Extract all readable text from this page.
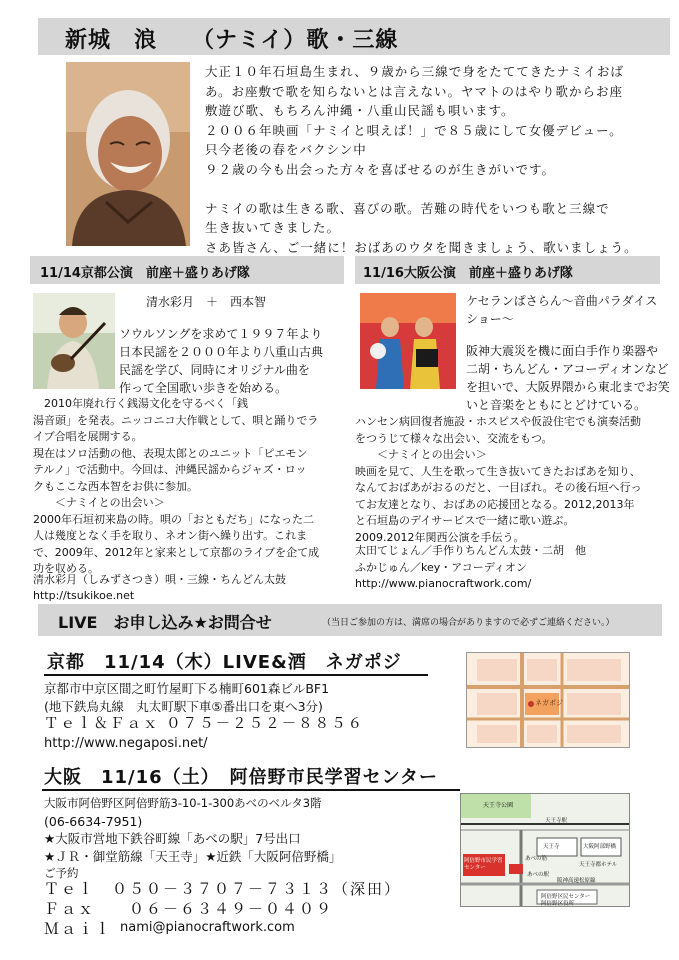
新城　浪　　（ナミイ）歌・三線
大正１０年石垣島生まれ、９歳から三線で身をたててきたナミイおば
あ。お座敷で歌を知らないとは言えない。ヤマトのはやり歌からお座
敷遊び歌、もちろん沖縄・八重山民謡も唄います。
２００６年映画「ナミイと唄えば！」で８５歳にして女優デビュー。
只今老後の春をバクシン中
９２歳の今も出会った方々を喜ばせるのが生きがいです。
ナミイの歌は生きる歌、喜びの歌。苦難の時代をいつも歌と三線で
生き抜いてきました。
さあ皆さん、ご一緒に！おばあのウタを聞きましょう、歌いましょう。
11/14京都公演　前座＋盛りあげ隊	11/16大阪公演　前座＋盛りあげ隊
清水彩月　＋　西本智
ソウルソングを求めて１９９７年より
日本民謡を２０００年より八重山古典
民謡を学び、同時にオリジナル曲を
作って全国歌い歩きを始める。
　2010年廃れ行く銭湯文化を守るべく「銭
湯音頭」を発表。ニッコニコ大作戦として、唄と踊りでラ
イブ合唱を展開する。
現在はソロ活動の他、表現太郎とのユニット「ピエモン
テルノ」で活動中。今回は、沖縄民謡からジャズ・ロッ
クもここな西本智をお供に参加。
　　＜ナミイとの出会い＞
2000年石垣初来島の時。唄の「おともだち」になった二
人は幾度となく手を取り、ネオン街へ繰り出す。これま
で、2009年、2012年と家来として京都のライブを企て成
功を収める。
清水彩月（しみずさつき）唄・三線・ちんどん太鼓
http://tsukikoe.net
ケセランぱさらん～音曲パラダイス
ショー～
阪神大震災を機に面白手作り楽器や
二胡・ちんどん・アコーディオンなど
を担いで、大阪界隈から東北までお笑
いと音楽をともにとどけている。
ハンセン病回復者施設・ホスピスや仮設住宅でも演奏活動
をつうじて様々な出会い、交流をもつ。
　　＜ナミイとの出会い＞
映画を見て、人生を歌って生き抜いてきたおばあを知り、
なんておばあがおるのだと、一目ぼれ。その後石垣へ行っ
てお友達となり、おばあの応援団となる。2012,2013年
と石垣島のデイサービスで一緒に歌い遊ぶ。
2009.2012年関西公演を手伝う。
太田てじょん／手作りちんどん太鼓・二胡　他
ふかじゅん／key・アコーディオン
http://www.pianocraftwork.com/
LIVE　お申し込み★お問合せ	（当日ご参加の方は、満席の場合がありますので必ずご連絡ください。）
京都　11/14（木）LIVE&酒　ネガポジ
京都市中京区間之町竹屋町下る楠町601森ビルBF1
(地下鉄烏丸線　丸太町駅下車⑤番出口を東へ3分)
Ｔｅｌ＆Ｆａｘ ０７５－２５２－８８５６
http://www.negaposi.net/
ネガポジ
大阪　11/16（土）　阿倍野市民学習センター
大阪市阿倍野区阿倍野筋3-10-1-300あべのベルタ3階
(06-6634-7951)
★大阪市営地下鉄谷町線「あべの駅」7号出口
★ＪＲ・御堂筋線「天王寺」★近鉄「大阪阿倍野橋」
ご予約
Ｔｅｌ　０５０－３７０７－７３１３（深田）
Ｆａｘ　　０６－６３４９－０４０９
Ｍａｉｌ nami@pianocraftwork.com
天王寺公園
天王寺駅
天王寺	大阪阿部野橋
天王寺都ホテル
あべの筋
あべの駅
阿倍野市民学習センター
阪神高速松原線
阿倍野区民センター
阿倍野区役所
